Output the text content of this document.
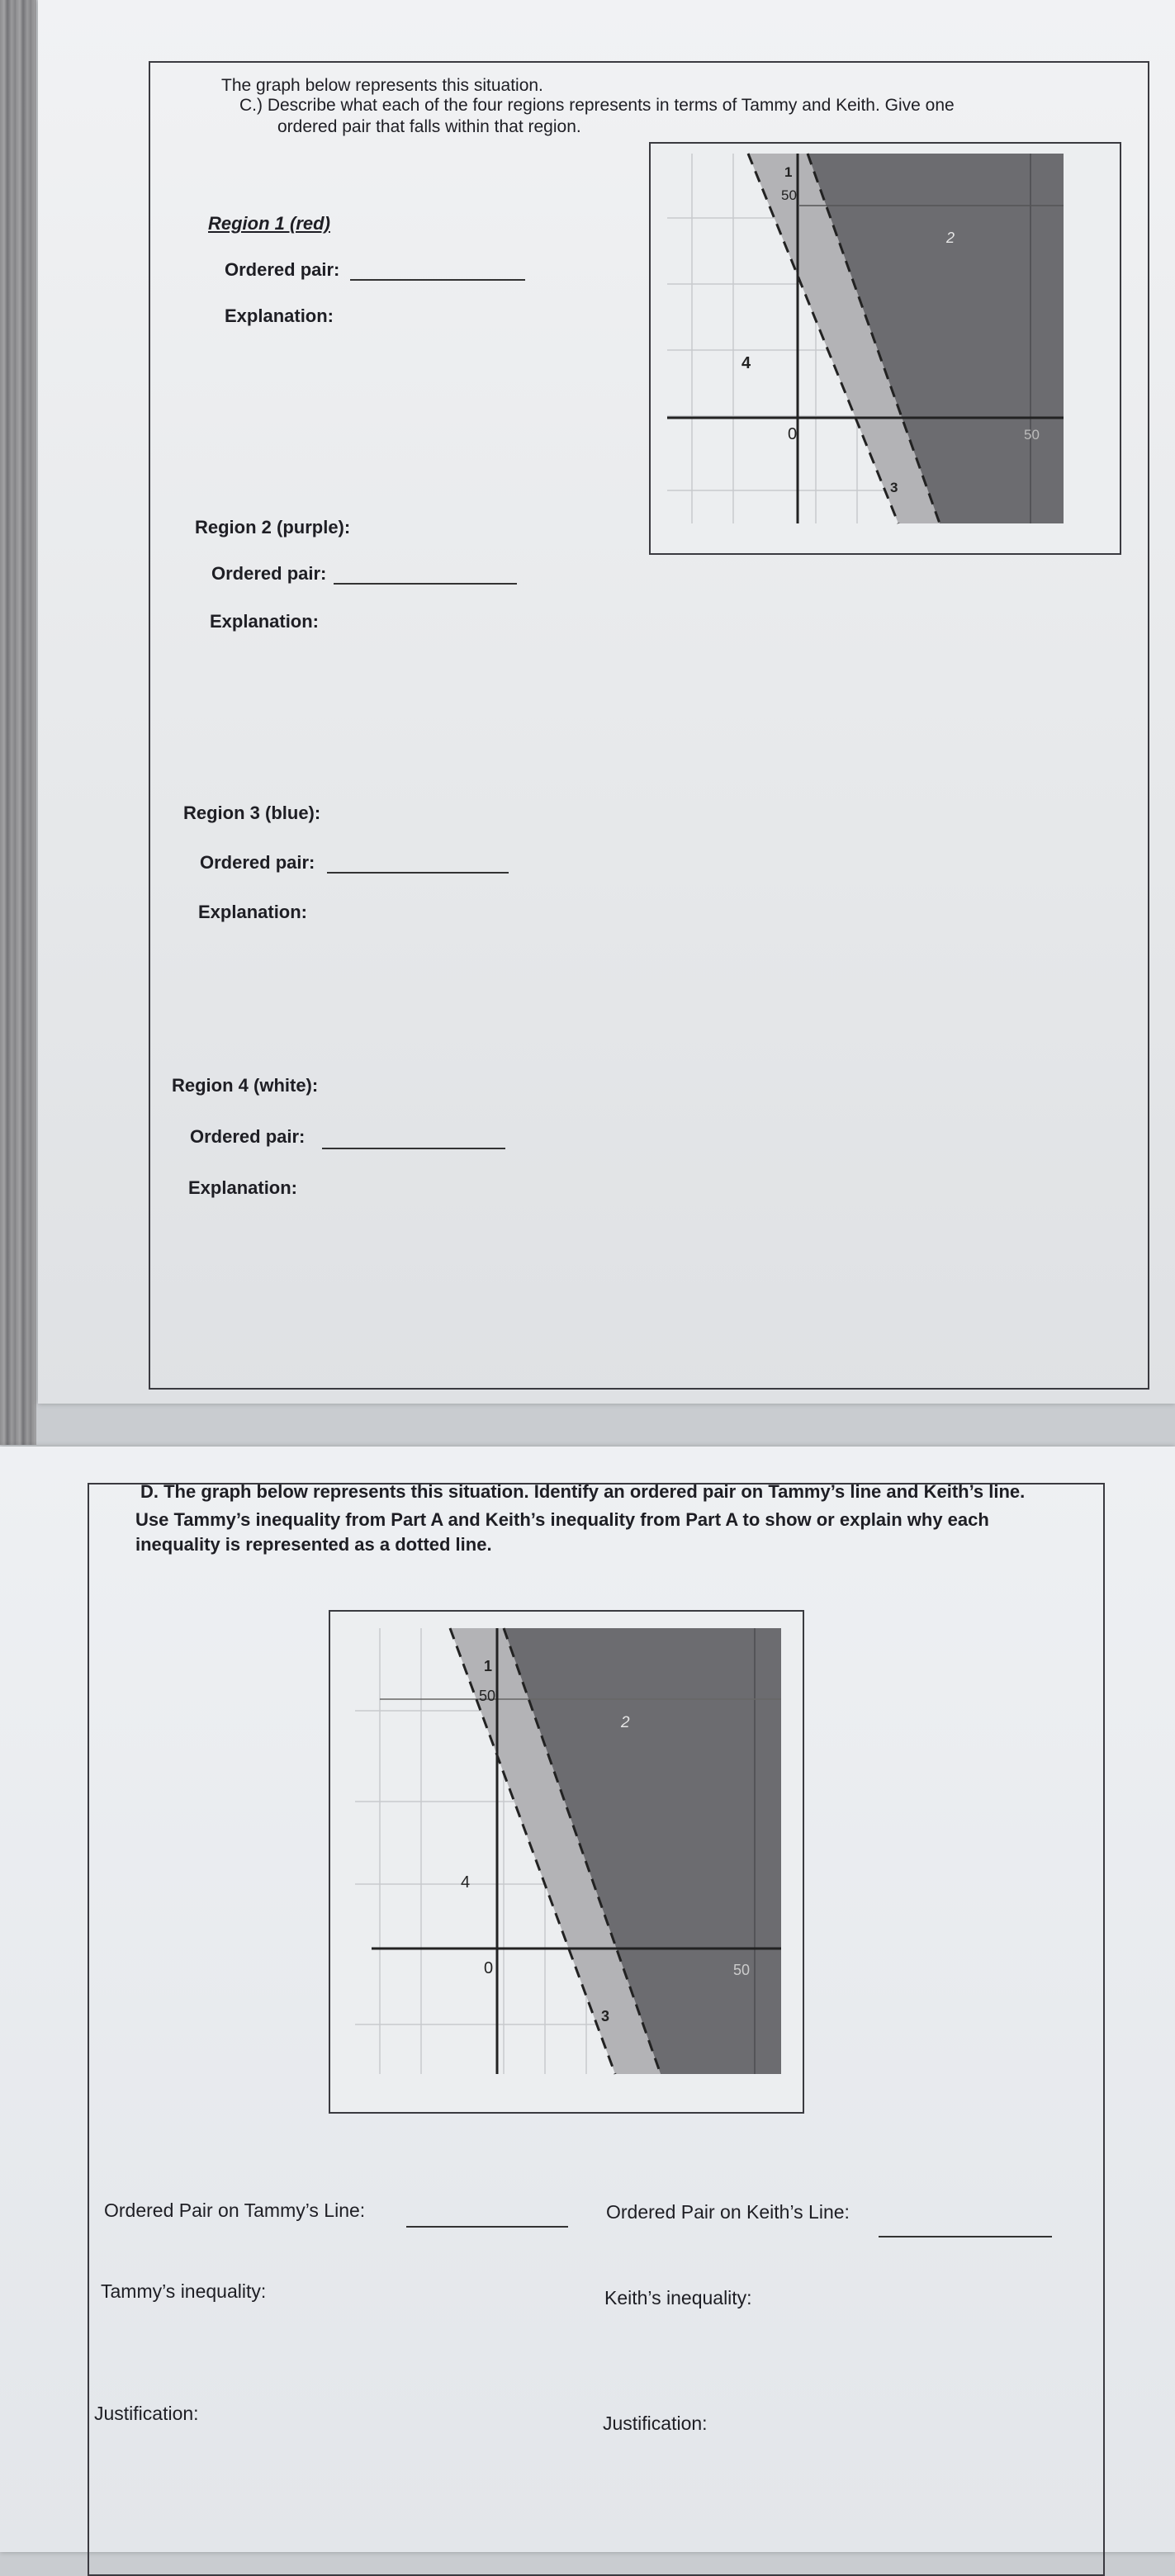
The graph below represents this situation.
C.) Describe what each of the four regions represents in terms of Tammy and Keith. Give one
ordered pair that falls within that region.
50
0	50
1
2
3
4
Region 1 (red)
Ordered pair:
Explanation:
Region 2 (purple):
Ordered pair:
Explanation:
Region 3 (blue):
Ordered pair:
Explanation:
Region 4 (white):
Ordered pair:
Explanation:
D. The graph below represents this situation. Identify an ordered pair on Tammy’s line and Keith’s line.
Use Tammy’s inequality from Part A and Keith’s inequality from Part A to show or explain why each
inequality is represented as a dotted line.
50
0	50
1
2
3
4
Ordered Pair on Tammy’s Line:	Ordered Pair on Keith’s Line:
Tammy’s inequality:	Keith’s inequality:
Justification:	Justification:
